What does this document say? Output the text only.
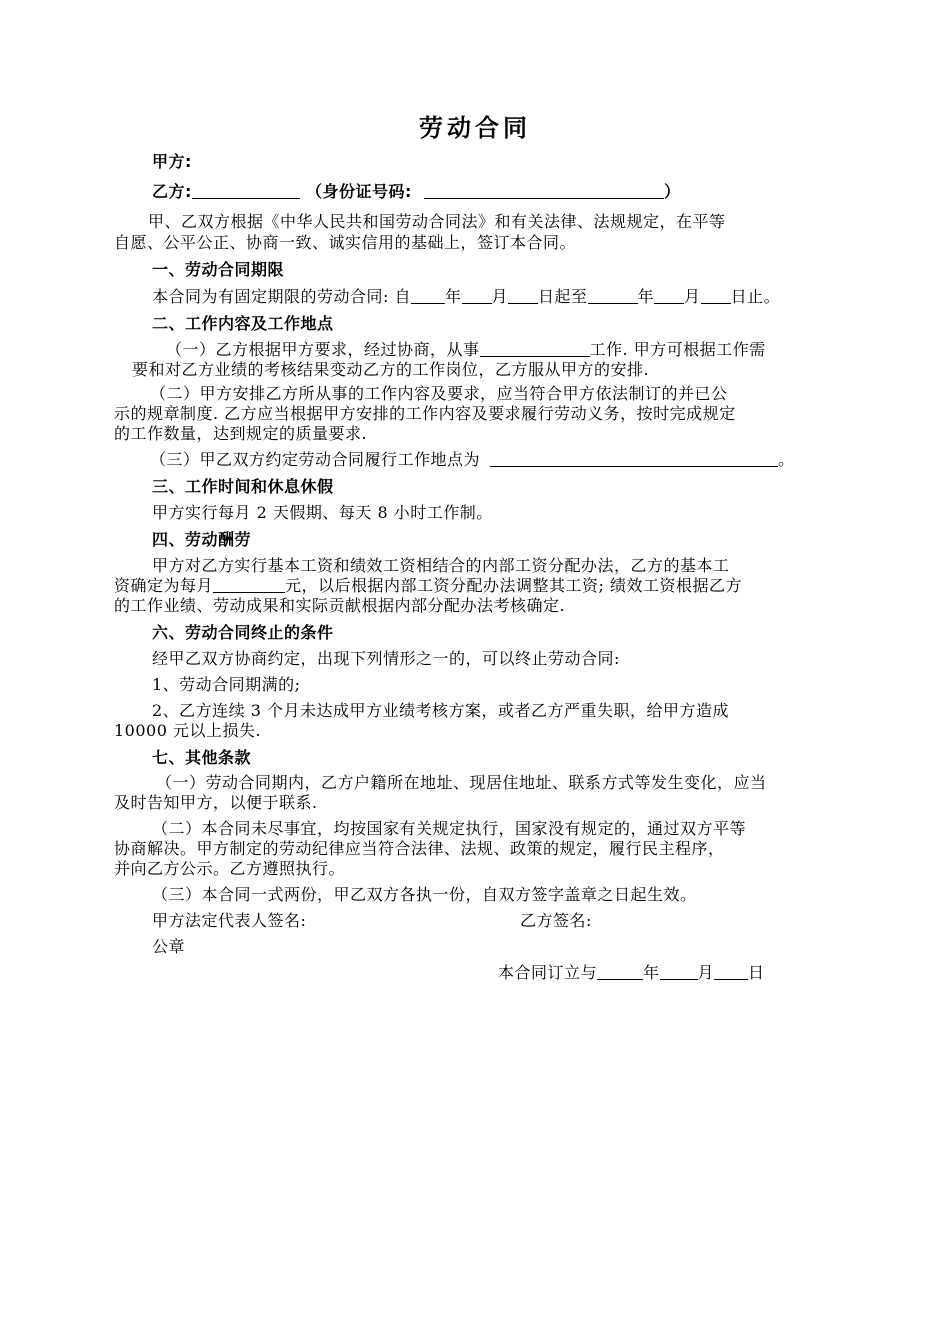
劳动合同
甲方:
乙方:	（身份证号码:	）
甲、乙双方根据《中华人民共和国劳动合同法》和有关法律、法规规定，在平等
自愿、公平公正、协商一致、诚实信用的基础上，签订本合同。
一、劳动合同期限
本合同为有固定期限的劳动合同: 自 年 月 日起至	年 月 日止。
二、工作内容及工作地点
（一）乙方根据甲方要求，经过协商，从事	工作. 甲方可根据工作需
要和对乙方业绩的考核结果变动乙方的工作岗位，乙方服从甲方的安排.
（二）甲方安排乙方所从事的工作内容及要求，应当符合甲方依法制订的并已公
示的规章制度. 乙方应当根据甲方安排的工作内容及要求履行劳动义务，按时完成规定
的工作数量，达到规定的质量要求.
（三）甲乙双方约定劳动合同履行工作地点为	。
三、工作时间和休息休假
甲方实行每月 2 天假期、每天 8 小时工作制。
四、劳动酬劳
甲方对乙方实行基本工资和绩效工资相结合的内部工资分配办法，乙方的基本工
资确定为每月	元，以后根据内部工资分配办法调整其工资; 绩效工资根据乙方
的工作业绩、劳动成果和实际贡献根据内部分配办法考核确定.
六、劳动合同终止的条件
经甲乙双方协商约定，出现下列情形之一的，可以终止劳动合同:
1、劳动合同期满的;
2、乙方连续 3 个月未达成甲方业绩考核方案，或者乙方严重失职，给甲方造成
10000 元以上损失.
七、其他条款
（一）劳动合同期内，乙方户籍所在地址、现居住地址、联系方式等发生变化，应当
及时告知甲方，以便于联系.
（二）本合同未尽事宜，均按国家有关规定执行，国家没有规定的，通过双方平等
协商解决。甲方制定的劳动纪律应当符合法律、法规、政策的规定，履行民主程序，
并向乙方公示。乙方遵照执行。
（三）本合同一式两份，甲乙双方各执一份，自双方签字盖章之日起生效。
甲方法定代表人签名:	乙方签名:
公章
本合同订立与	年 月 日
